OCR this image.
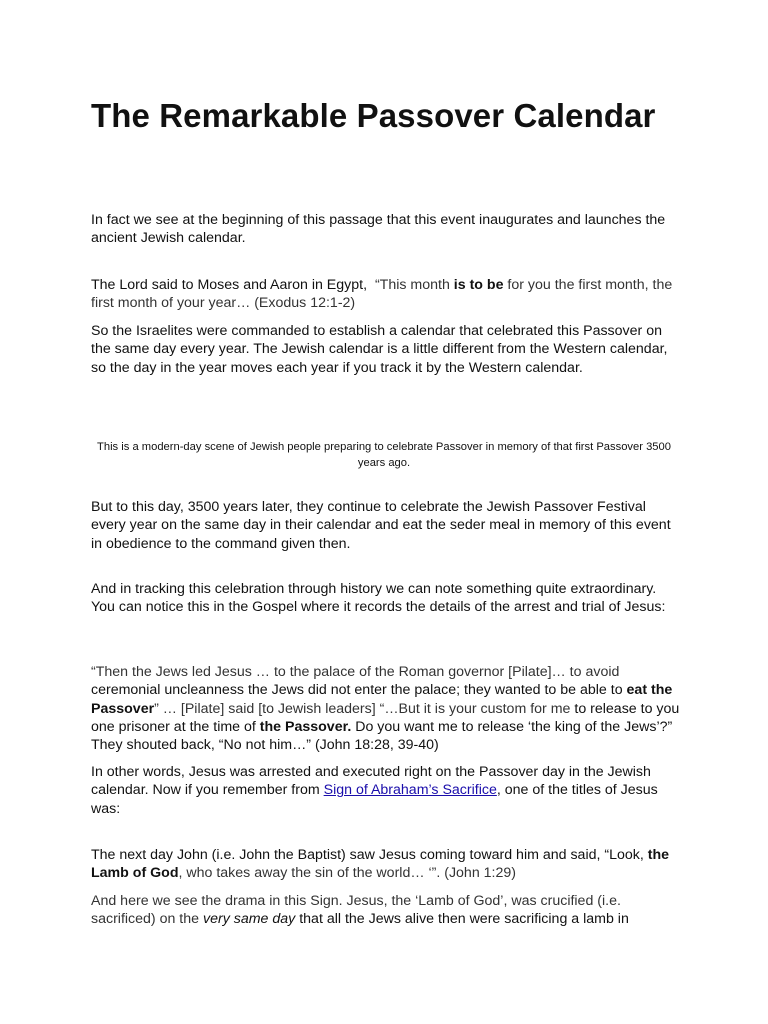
The Remarkable Passover Calendar

In fact we see at the beginning of this passage that this event inaugurates and launches the ancient Jewish calendar.

The Lord said to Moses and Aaron in Egypt, “This month is to be for you the first month, the first month of your year… (Exodus 12:1-2)

So the Israelites were commanded to establish a calendar that celebrated this Passover on the same day every year. The Jewish calendar is a little different from the Western calendar, so the day in the year moves each year if you track it by the Western calendar.

This is a modern-day scene of Jewish people preparing to celebrate Passover in memory of that first Passover 3500 years ago.

But to this day, 3500 years later, they continue to celebrate the Jewish Passover Festival every year on the same day in their calendar and eat the seder meal in memory of this event in obedience to the command given then.

And in tracking this celebration through history we can note something quite extraordinary. You can notice this in the Gospel where it records the details of the arrest and trial of Jesus:

“Then the Jews led Jesus … to the palace of the Roman governor [Pilate]… to avoid
ceremonial uncleanness the Jews did not enter the palace; they wanted to be able to eat the Passover” … [Pilate] said [to Jewish leaders] “…But it is your custom for me to release to you one prisoner at the time of the Passover. Do you want me to release ‘the king of the Jews’?” They shouted back, “No not him…” (John 18:28, 39-40)

In other words, Jesus was arrested and executed right on the Passover day in the Jewish calendar. Now if you remember from Sign of Abraham’s Sacrifice, one of the titles of Jesus was:

The next day John (i.e. John the Baptist) saw Jesus coming toward him and said, “Look, the Lamb of God, who takes away the sin of the world… ‘”. (John 1:29)

And here we see the drama in this Sign. Jesus, the ‘Lamb of God’, was crucified (i.e. sacrificed) on the very same day that all the Jews alive then were sacrificing a lamb in
